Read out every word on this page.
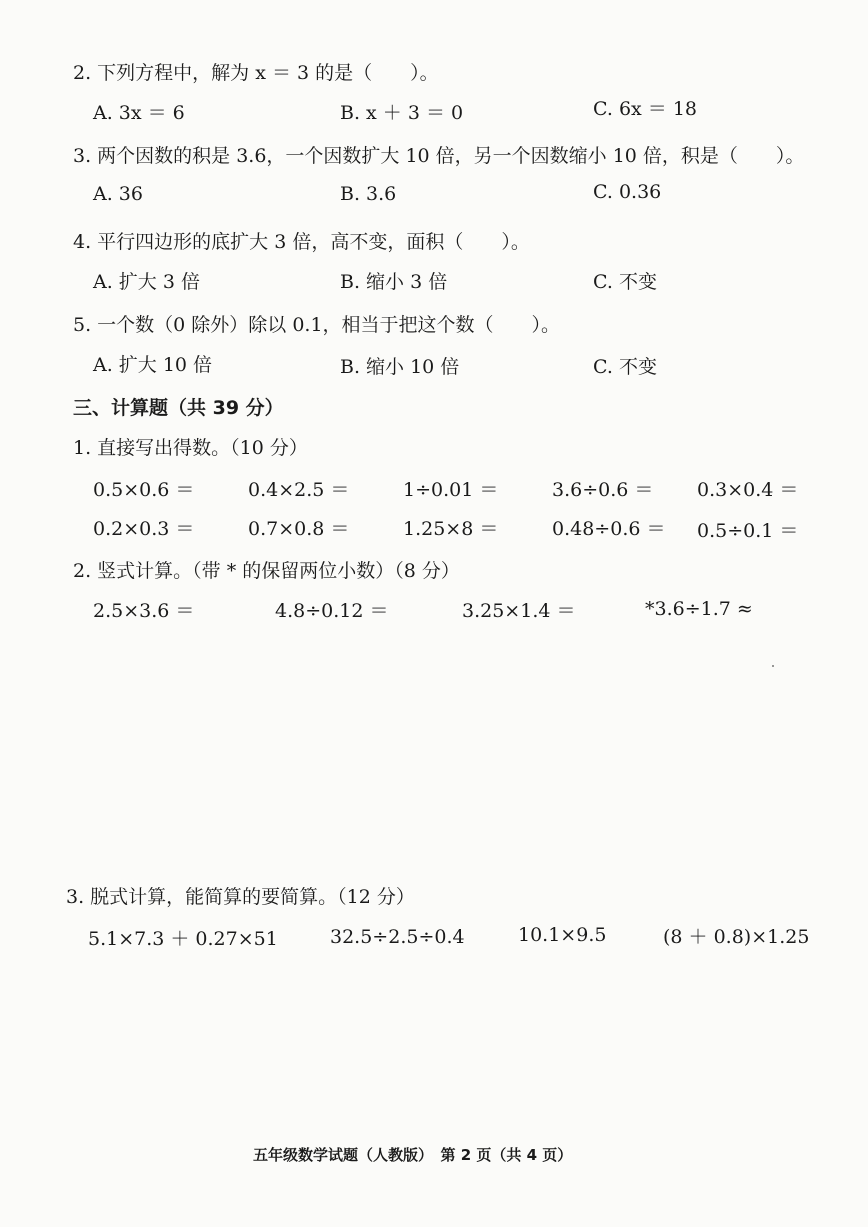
2. 下列方程中，解为 x ＝ 3 的是（　　）。
A. 3x ＝ 6	B. x ＋ 3 ＝ 0	C. 6x ＝ 18
3. 两个因数的积是 3.6，一个因数扩大 10 倍，另一个因数缩小 10 倍，积是（　　）。
A. 36	B. 3.6	C. 0.36
4. 平行四边形的底扩大 3 倍，高不变，面积（　　）。
A. 扩大 3 倍	B. 缩小 3 倍	C. 不变
5. 一个数（0 除外）除以 0.1，相当于把这个数（　　）。
A. 扩大 10 倍	B. 缩小 10 倍	C. 不变
三、计算题（共 39 分）
1. 直接写出得数。（10 分）
0.5×0.6 ＝	0.4×2.5 ＝	1÷0.01 ＝	3.6÷0.6 ＝ 0.3×0.4 ＝
0.2×0.3 ＝	0.7×0.8 ＝	1.25×8 ＝	0.48÷0.6 ＝ 0.5÷0.1 ＝
2. 竖式计算。（带 * 的保留两位小数）（8 分）
2.5×3.6 ＝	4.8÷0.12 ＝	3.25×1.4 ＝	*3.6÷1.7 ≈
3. 脱式计算，能简算的要简算。（12 分）
5.1×7.3 ＋ 0.27×51	32.5÷2.5÷0.4	10.1×9.5	(8 ＋ 0.8)×1.25
五年级数学试题（人教版）　第 2 页（共 4 页）
